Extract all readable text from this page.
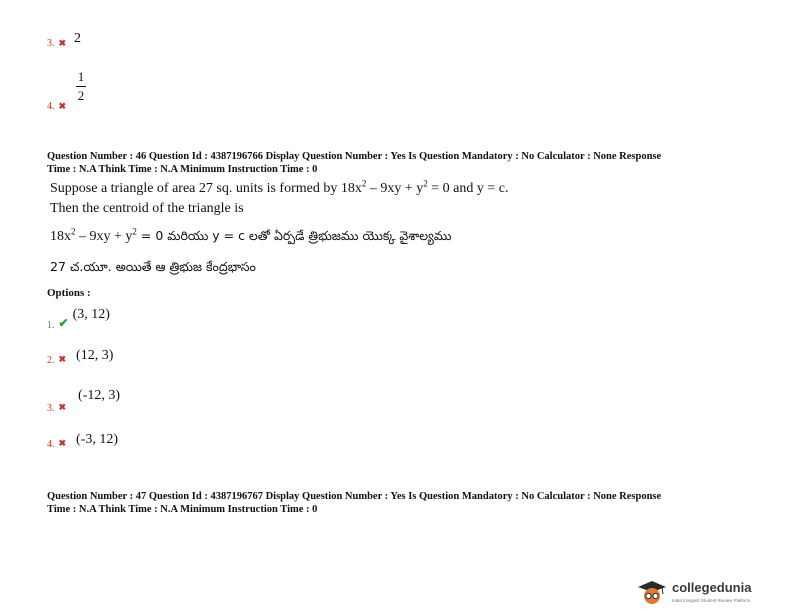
3. ✖ 2
$_{4.}$ $_✖$
$\frac{1}{2}$
Question Number : 46 Question Id : 4387196766 Display Question Number : Yes Is Question Mandatory : No Calculator : None Response
Time : N.A Think Time : N.A Minimum Instruction Time : 0
Suppose a triangle of area 27 sq. units is formed by $18x^2 - 9xy + y^2 = 0$ and y = c.
Then the centroid of the triangle is
$18x^2 - 9xy + y^2 = 0$ మరియు y = c లతో ఏర్పడే త్రిభుజము యొక్క వైశాల్యము
27 చ.యూ. అయితే ఆ త్రిభుజ కేంద్రభాసం
Options :
$_{1.}$ $_✔$ (3, 12)
$_{2.}$ ✖ (12, 3)
$_{3.}$ $_✖$ (-12, 3)
$_{4.}$ ✖ (-3, 12)
Question Number : 47 Question Id : 4387196767 Display Question Number : Yes Is Question Mandatory : No Calculator : None Response
Time : N.A Think Time : N.A Minimum Instruction Time : 0
collegedunia
India's largest Student Review Platform
